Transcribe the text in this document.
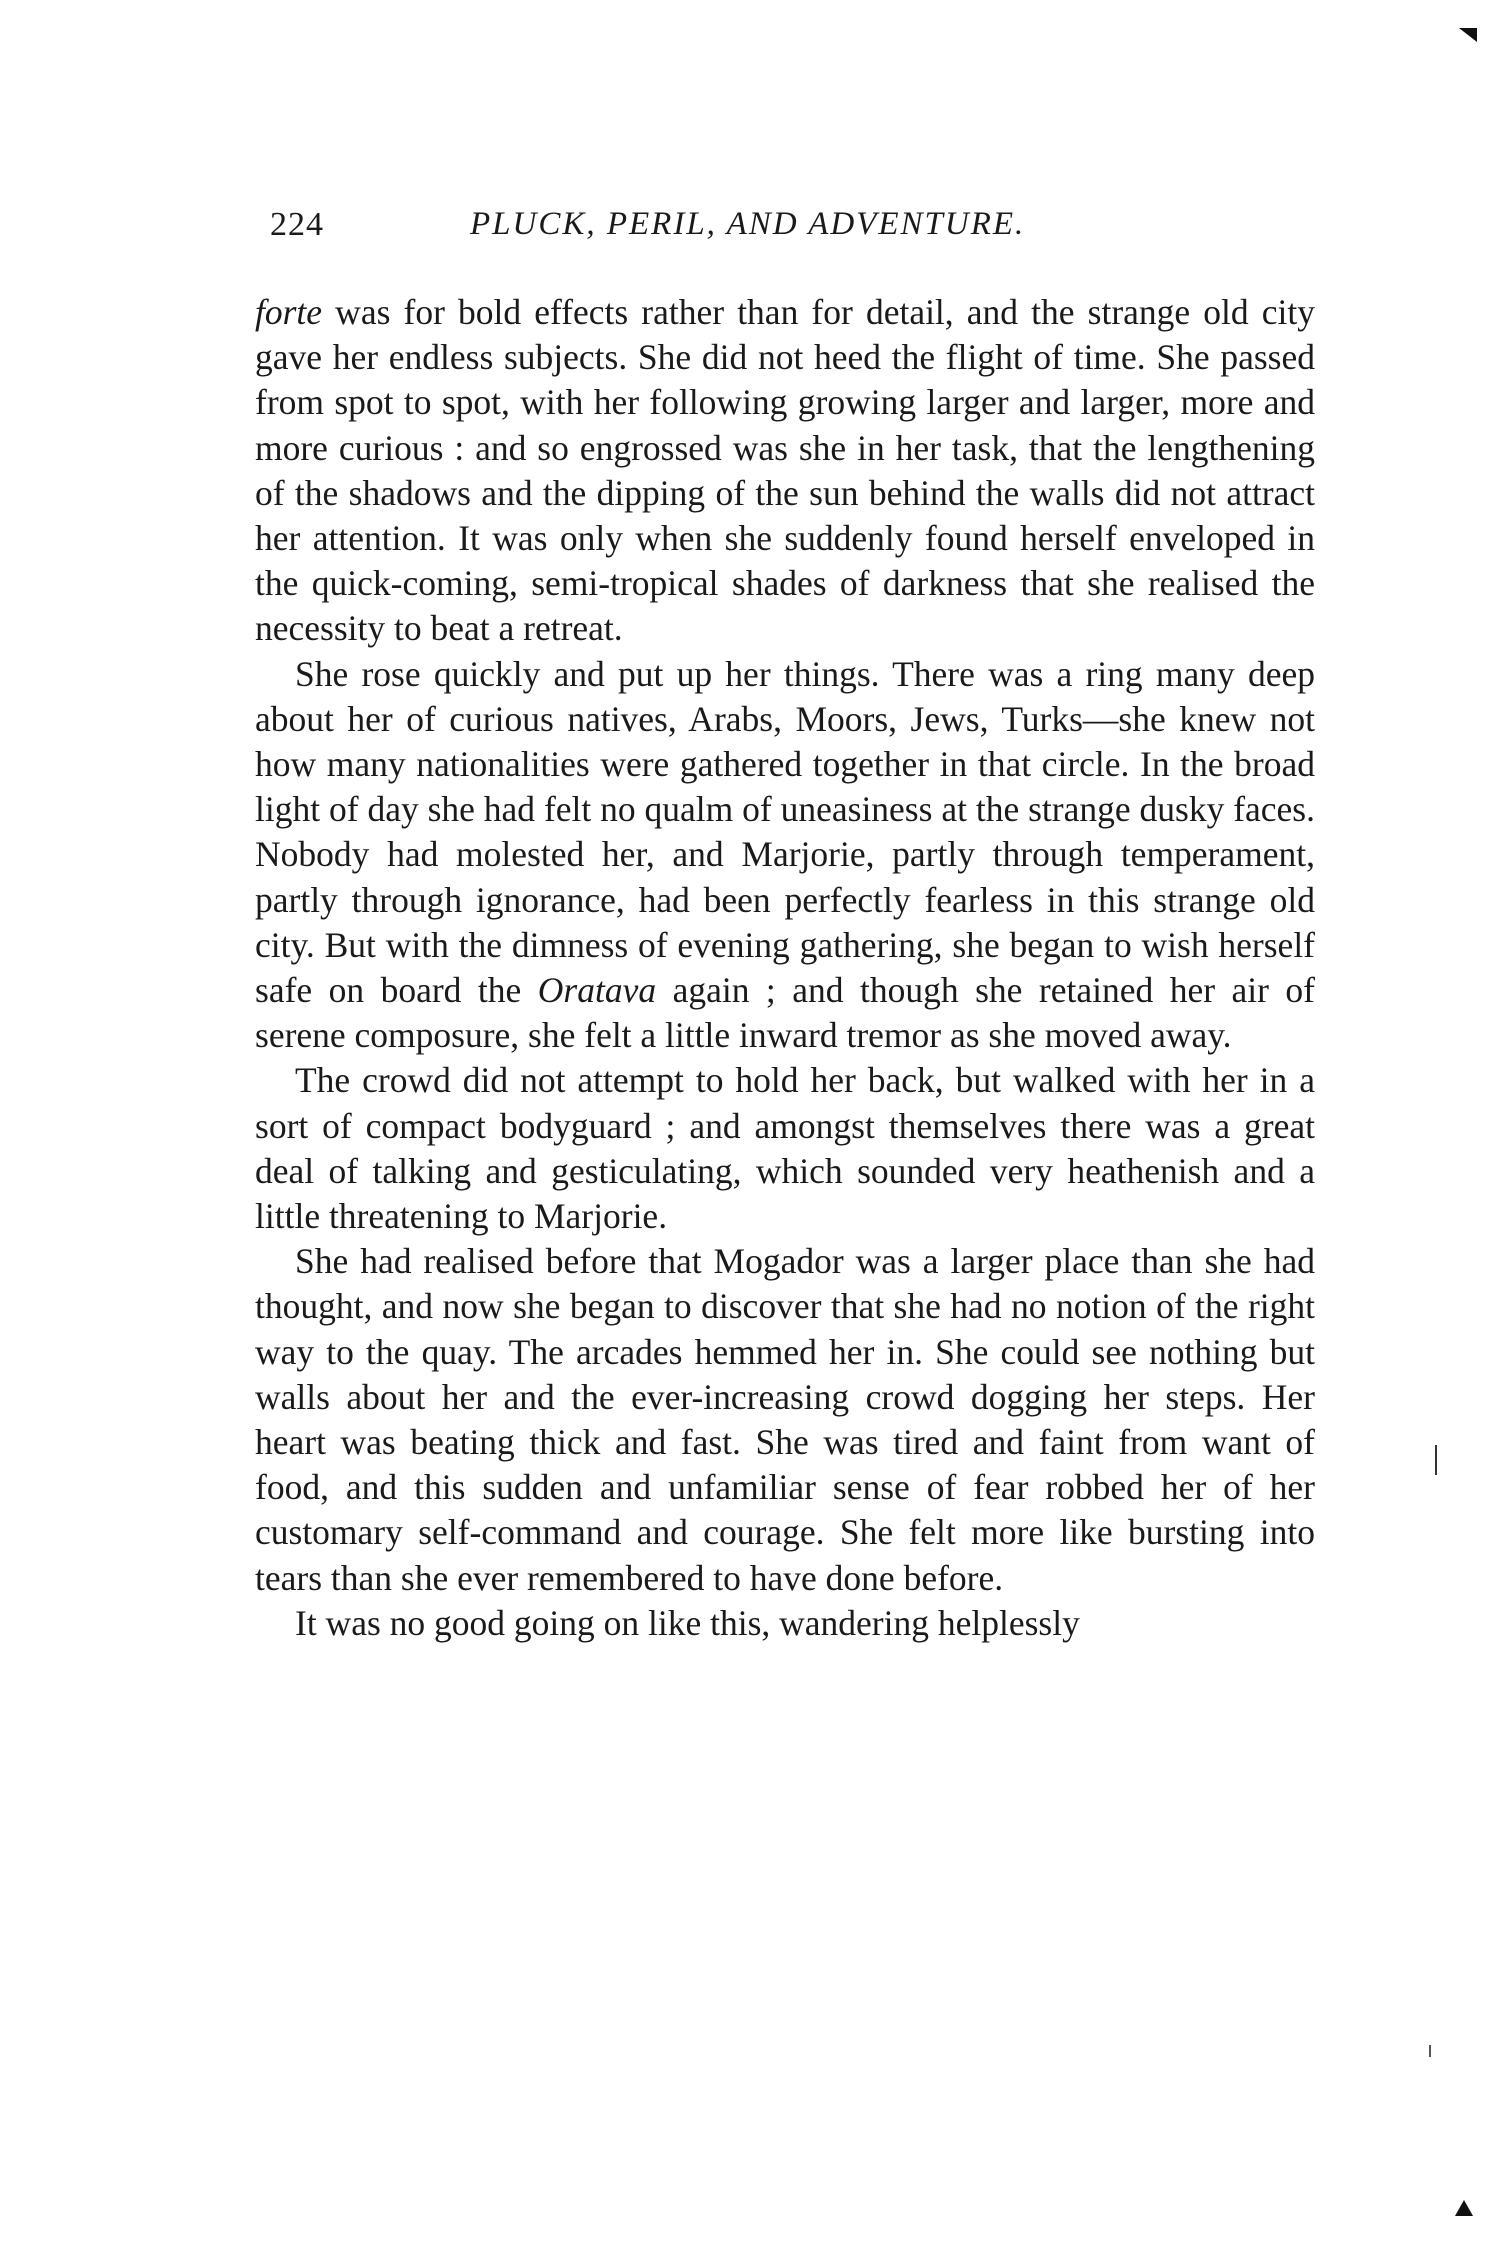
224	PLUCK, PERIL, AND ADVENTURE.

forte was for bold effects rather than for detail, and the strange old city gave her endless subjects. She did not heed the flight of time. She passed from spot to spot, with her following growing larger and larger, more and more curious : and so engrossed was she in her task, that the lengthening of the shadows and the dipping of the sun behind the walls did not attract her attention. It was only when she suddenly found herself enveloped in the quick-coming, semi-tropical shades of darkness that she realised the necessity to beat a retreat.

She rose quickly and put up her things. There was a ring many deep about her of curious natives, Arabs, Moors, Jews, Turks—she knew not how many nationalities were gathered together in that circle. In the broad light of day she had felt no qualm of uneasiness at the strange dusky faces. Nobody had molested her, and Marjorie, partly through temperament, partly through ignorance, had been perfectly fearless in this strange old city. But with the dimness of evening gathering, she began to wish herself safe on board the Oratava again ; and though she retained her air of serene composure, she felt a little inward tremor as she moved away.

The crowd did not attempt to hold her back, but walked with her in a sort of compact bodyguard ; and amongst themselves there was a great deal of talking and gesticulating, which sounded very heathenish and a little threatening to Marjorie.

She had realised before that Mogador was a larger place than she had thought, and now she began to discover that she had no notion of the right way to the quay. The arcades hemmed her in. She could see nothing but walls about her and the ever-increasing crowd dogging her steps. Her heart was beating thick and fast. She was tired and faint from want of food, and this sudden and unfamiliar sense of fear robbed her of her customary self-command and courage. She felt more like bursting into tears than she ever remembered to have done before.

It was no good going on like this, wandering helplessly
